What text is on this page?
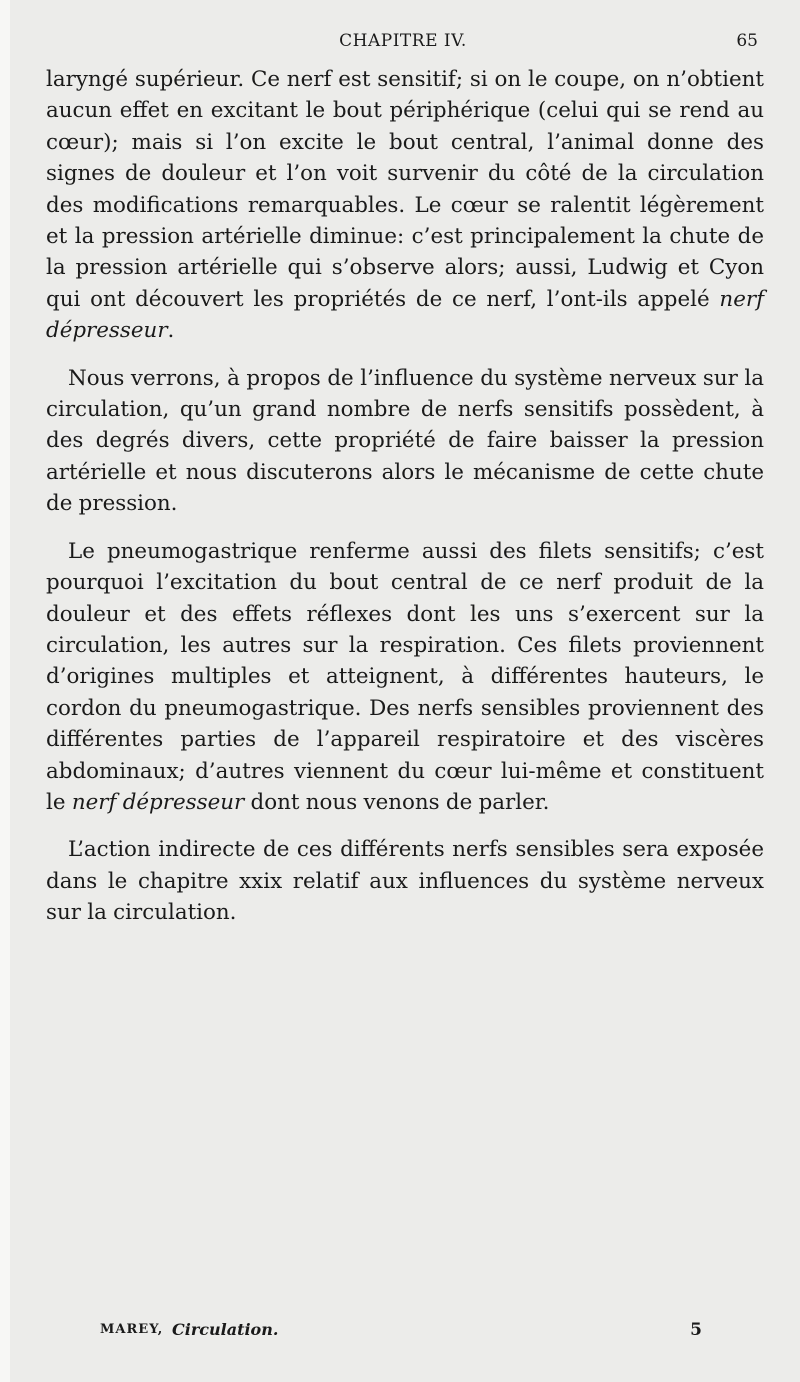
CHAPITRE IV.	65

laryngé supérieur. Ce nerf est sensitif; si on le coupe, on n’obtient aucun effet en excitant le bout périphérique (celui qui se rend au cœur); mais si l’on excite le bout central, l’animal donne des signes de douleur et l’on voit survenir du côté de la circulation des modifications remarquables. Le cœur se ralentit légèrement et la pression artérielle diminue: c’est principalement la chute de la pression artérielle qui s’observe alors; aussi, Ludwig et Cyon qui ont découvert les propriétés de ce nerf, l’ont-ils appelé nerf dépresseur.

Nous verrons, à propos de l’influence du système nerveux sur la circulation, qu’un grand nombre de nerfs sensitifs possèdent, à des degrés divers, cette propriété de faire baisser la pression artérielle et nous discuterons alors le mécanisme de cette chute de pression.

Le pneumogastrique renferme aussi des filets sensitifs; c’est pourquoi l’excitation du bout central de ce nerf produit de la douleur et des effets réflexes dont les uns s’exercent sur la circulation, les autres sur la respiration. Ces filets proviennent d’origines multiples et atteignent, à différentes hauteurs, le cordon du pneumogastrique. Des nerfs sensibles proviennent des différentes parties de l’appareil respiratoire et des viscères abdominaux; d’autres viennent du cœur lui-même et constituent le nerf dépresseur dont nous venons de parler.

L’action indirecte de ces différents nerfs sensibles sera exposée dans le chapitre xxix relatif aux influences du système nerveux sur la circulation.

MAREY, Circulation.	5
